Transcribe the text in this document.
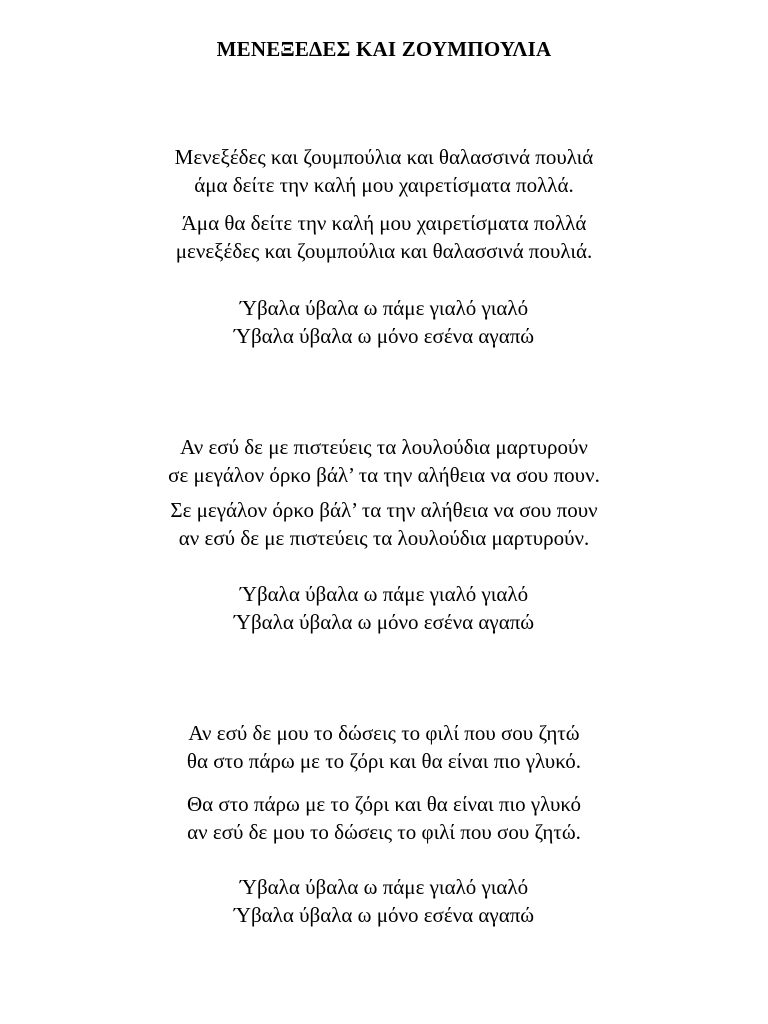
ΜΕΝΕΞΕΔΕΣ ΚΑΙ ΖΟΥΜΠΟΥΛΙΑ
Μενεξέδες και ζουμπούλια και θαλασσινά πουλιά
άμα δείτε την καλή μου χαιρετίσματα πολλά.
Άμα θα δείτε την καλή μου χαιρετίσματα πολλά
μενεξέδες και ζουμπούλια και θαλασσινά πουλιά.
Ύβαλα ύβαλα ω πάμε γιαλό γιαλό
Ύβαλα ύβαλα ω μόνο εσένα αγαπώ
Αν εσύ δε με πιστεύεις τα λουλούδια μαρτυρούν
σε μεγάλον όρκο βάλ’ τα την αλήθεια να σου πουν.
Σε μεγάλον όρκο βάλ’ τα την αλήθεια να σου πουν
αν εσύ δε με πιστεύεις τα λουλούδια μαρτυρούν.
Ύβαλα ύβαλα ω πάμε γιαλό γιαλό
Ύβαλα ύβαλα ω μόνο εσένα αγαπώ
Αν εσύ δε μου το δώσεις το φιλί που σου ζητώ
θα στο πάρω με το ζόρι και θα είναι πιο γλυκό.
Θα στο πάρω με το ζόρι και θα είναι πιο γλυκό
αν εσύ δε μου το δώσεις το φιλί που σου ζητώ.
Ύβαλα ύβαλα ω πάμε γιαλό γιαλό
Ύβαλα ύβαλα ω μόνο εσένα αγαπώ
